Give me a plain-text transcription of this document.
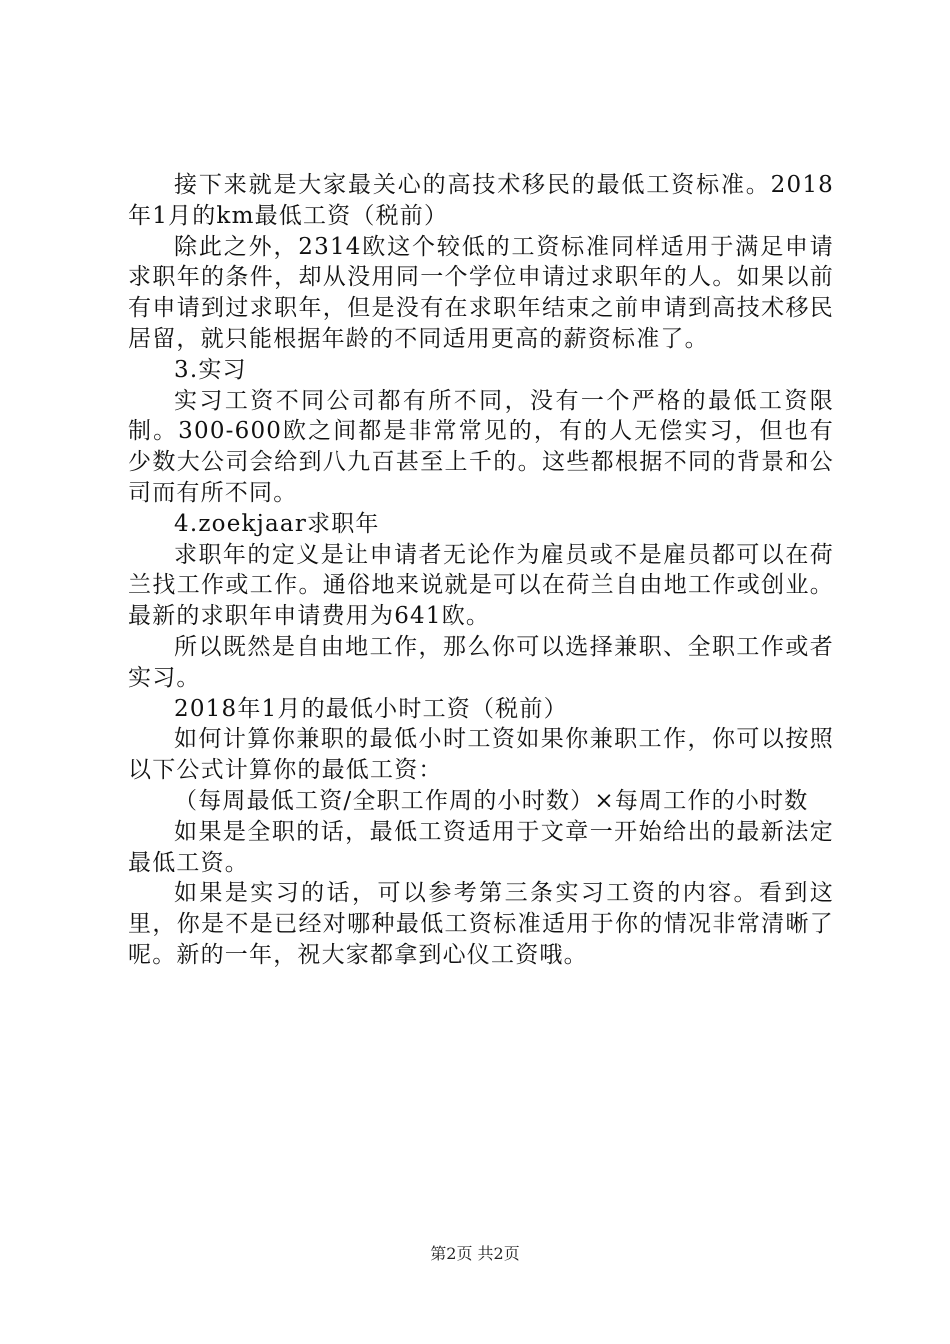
接下来就是大家最关心的高技术移民的最低工资标准。2018年1月的km最低工资（税前）

除此之外，2314欧这个较低的工资标准同样适用于满足申请求职年的条件，却从没用同一个学位申请过求职年的人。如果以前有申请到过求职年，但是没有在求职年结束之前申请到高技术移民居留，就只能根据年龄的不同适用更高的薪资标准了。

3.实习

实习工资不同公司都有所不同，没有一个严格的最低工资限制。300-600欧之间都是非常常见的，有的人无偿实习，但也有少数大公司会给到八九百甚至上千的。这些都根据不同的背景和公司而有所不同。

4.zoekjaar求职年

求职年的定义是让申请者无论作为雇员或不是雇员都可以在荷兰找工作或工作。通俗地来说就是可以在荷兰自由地工作或创业。最新的求职年申请费用为641欧。

所以既然是自由地工作，那么你可以选择兼职、全职工作或者实习。

2018年1月的最低小时工资（税前）

如何计算你兼职的最低小时工资如果你兼职工作，你可以按照以下公式计算你的最低工资：

（每周最低工资/全职工作周的小时数）×每周工作的小时数

如果是全职的话，最低工资适用于文章一开始给出的最新法定最低工资。

如果是实习的话，可以参考第三条实习工资的内容。看到这里，你是不是已经对哪种最低工资标准适用于你的情况非常清晰了呢。新的一年，祝大家都拿到心仪工资哦。

第2页 共2页
